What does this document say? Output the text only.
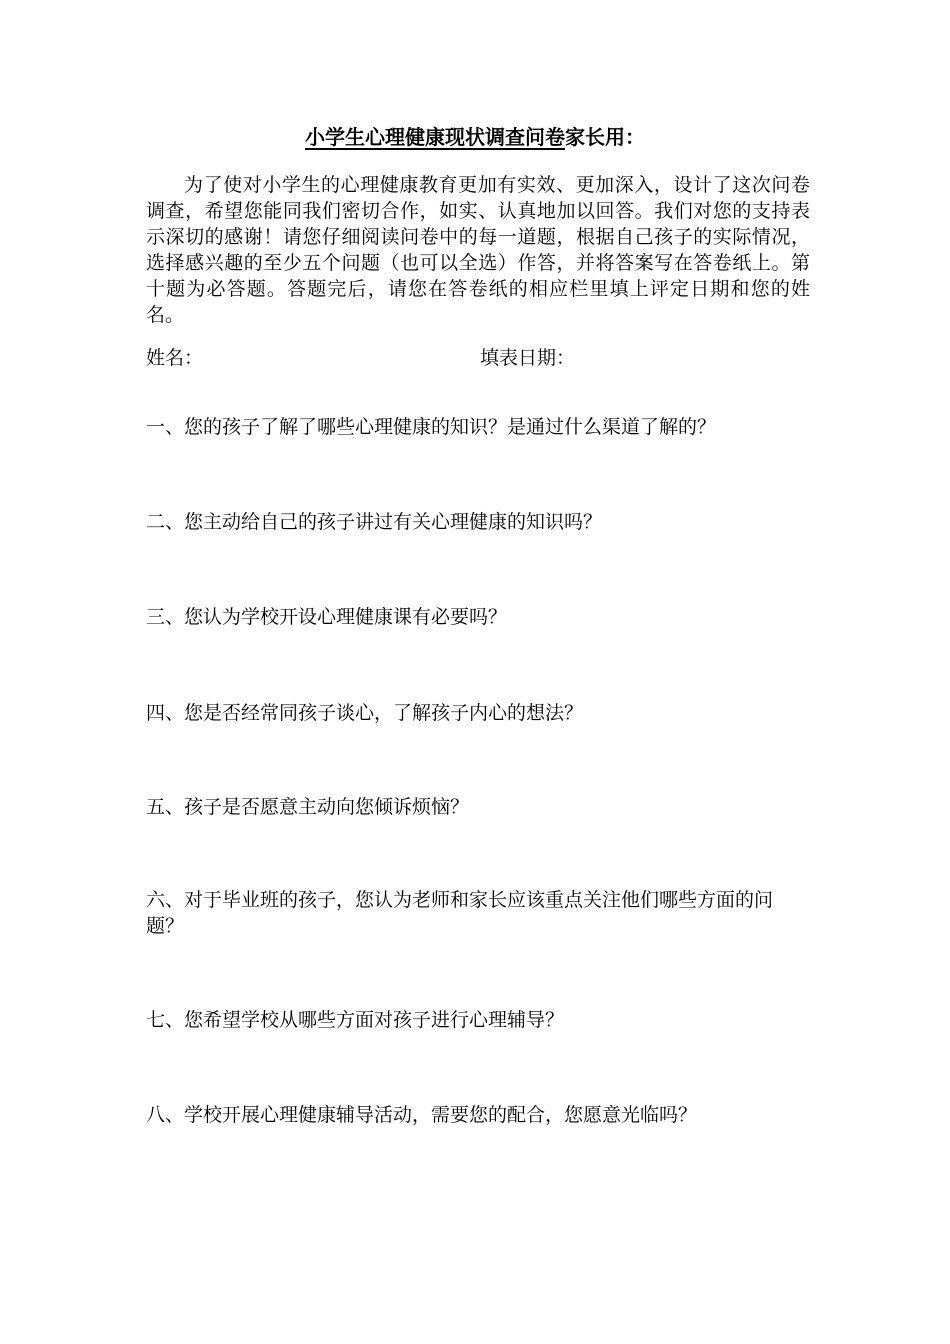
小学生心理健康现状调查问卷家长用：

为了使对小学生的心理健康教育更加有实效、更加深入，设计了这次问卷调查，希望您能同我们密切合作，如实、认真地加以回答。我们对您的支持表示深切的感谢！请您仔细阅读问卷中的每一道题，根据自己孩子的实际情况，选择感兴趣的至少五个问题（也可以全选）作答，并将答案写在答卷纸上。第十题为必答题。答题完后，请您在答卷纸的相应栏里填上评定日期和您的姓名。

姓名：	填表日期：

一、您的孩子了解了哪些心理健康的知识？是通过什么渠道了解的？

二、您主动给自己的孩子讲过有关心理健康的知识吗？

三、您认为学校开设心理健康课有必要吗？

四、您是否经常同孩子谈心，了解孩子内心的想法？

五、孩子是否愿意主动向您倾诉烦恼？

六、对于毕业班的孩子，您认为老师和家长应该重点关注他们哪些方面的问题？

七、您希望学校从哪些方面对孩子进行心理辅导？

八、学校开展心理健康辅导活动，需要您的配合，您愿意光临吗？
